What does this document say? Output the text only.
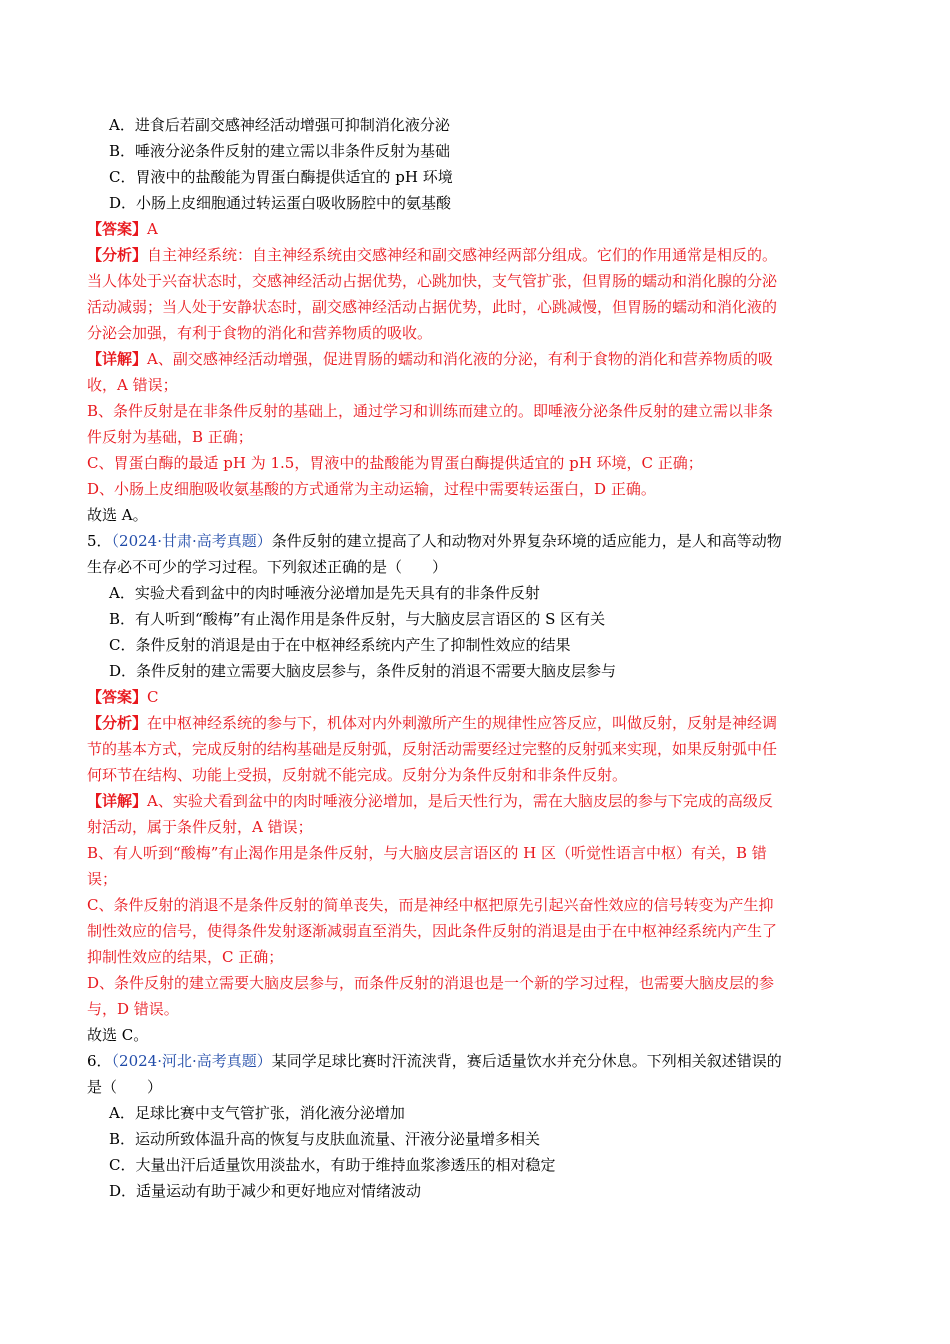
A．进食后若副交感神经活动增强可抑制消化液分泌
B．唾液分泌条件反射的建立需以非条件反射为基础
C．胃液中的盐酸能为胃蛋白酶提供适宜的 pH 环境
D．小肠上皮细胞通过转运蛋白吸收肠腔中的氨基酸
【答案】A
【分析】自主神经系统：自主神经系统由交感神经和副交感神经两部分组成。它们的作用通常是相反的。
当人体处于兴奋状态时，交感神经活动占据优势，心跳加快，支气管扩张，但胃肠的蠕动和消化腺的分泌
活动减弱；当人处于安静状态时，副交感神经活动占据优势，此时，心跳减慢，但胃肠的蠕动和消化液的
分泌会加强，有利于食物的消化和营养物质的吸收。
【详解】A、副交感神经活动增强，促进胃肠的蠕动和消化液的分泌，有利于食物的消化和营养物质的吸
收，A 错误；
B、条件反射是在非条件反射的基础上，通过学习和训练而建立的。即唾液分泌条件反射的建立需以非条
件反射为基础，B 正确；
C、胃蛋白酶的最适 pH 为 1.5，胃液中的盐酸能为胃蛋白酶提供适宜的 pH 环境，C 正确；
D、小肠上皮细胞吸收氨基酸的方式通常为主动运输，过程中需要转运蛋白，D 正确。
故选 A。
5．（2024·甘肃·高考真题）条件反射的建立提高了人和动物对外界复杂环境的适应能力，是人和高等动物
生存必不可少的学习过程。下列叙述正确的是（　　）
A．实验犬看到盆中的肉时唾液分泌增加是先天具有的非条件反射
B．有人听到“酸梅”有止渴作用是条件反射，与大脑皮层言语区的 S 区有关
C．条件反射的消退是由于在中枢神经系统内产生了抑制性效应的结果
D．条件反射的建立需要大脑皮层参与，条件反射的消退不需要大脑皮层参与
【答案】C
【分析】在中枢神经系统的参与下，机体对内外刺激所产生的规律性应答反应，叫做反射，反射是神经调
节的基本方式，完成反射的结构基础是反射弧，反射活动需要经过完整的反射弧来实现，如果反射弧中任
何环节在结构、功能上受损，反射就不能完成。反射分为条件反射和非条件反射。
【详解】A、实验犬看到盆中的肉时唾液分泌增加，是后天性行为，需在大脑皮层的参与下完成的高级反
射活动，属于条件反射，A 错误；
B、有人听到“酸梅”有止渴作用是条件反射，与大脑皮层言语区的 H 区（听觉性语言中枢）有关，B 错
误；
C、条件反射的消退不是条件反射的简单丧失，而是神经中枢把原先引起兴奋性效应的信号转变为产生抑
制性效应的信号，使得条件发射逐渐减弱直至消失，因此条件反射的消退是由于在中枢神经系统内产生了
抑制性效应的结果，C 正确；
D、条件反射的建立需要大脑皮层参与，而条件反射的消退也是一个新的学习过程，也需要大脑皮层的参
与，D 错误。
故选 C。
6．（2024·河北·高考真题）某同学足球比赛时汗流浃背，赛后适量饮水并充分休息。下列相关叙述错误的
是（　　）
A．足球比赛中支气管扩张，消化液分泌增加
B．运动所致体温升高的恢复与皮肤血流量、汗液分泌量增多相关
C．大量出汗后适量饮用淡盐水，有助于维持血浆渗透压的相对稳定
D．适量运动有助于减少和更好地应对情绪波动
